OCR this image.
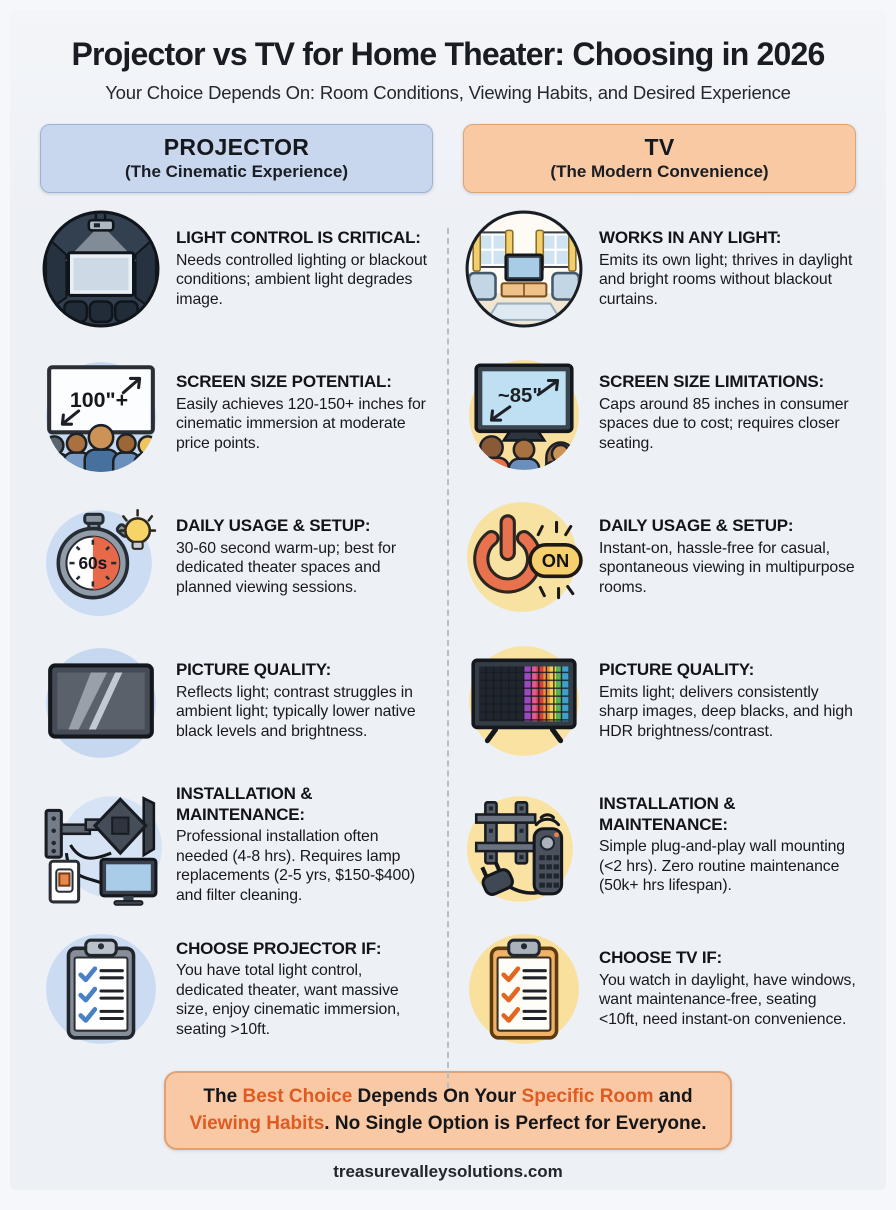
Projector vs TV for Home Theater: Choosing in 2026
Your Choice Depends On: Room Conditions, Viewing Habits, and Desired Experience
PROJECTOR
(The Cinematic Experience)
TV
(The Modern Convenience)
LIGHT CONTROL IS CRITICAL:
Needs controlled lighting or blackout conditions; ambient light degrades image.
WORKS IN ANY LIGHT:
Emits its own light; thrives in daylight and bright rooms without blackout curtains.
100"+
SCREEN SIZE POTENTIAL:
Easily achieves 120-150+ inches for cinematic immersion at moderate price points.
~85"
SCREEN SIZE LIMITATIONS:
Caps around 85 inches in consumer spaces due to cost; requires closer seating.
60s
DAILY USAGE & SETUP:
30-60 second warm-up; best for dedicated theater spaces and planned viewing sessions.
ON
DAILY USAGE & SETUP:
Instant-on, hassle-free for casual, spontaneous viewing in multipurpose rooms.
PICTURE QUALITY:
Reflects light; contrast struggles in ambient light; typically lower native black levels and brightness.
PICTURE QUALITY:
Emits light; delivers consistently sharp images, deep blacks, and high HDR brightness/contrast.
INSTALLATION & MAINTENANCE:
Professional installation often needed (4-8 hrs). Requires lamp replacements (2-5 yrs, $150-$400) and filter cleaning.
INSTALLATION & MAINTENANCE:
Simple plug-and-play wall mounting (<2 hrs). Zero routine maintenance (50k+ hrs lifespan).
CHOOSE PROJECTOR IF:
You have total light control, dedicated theater, want massive size, enjoy cinematic immersion, seating >10ft.
CHOOSE TV IF:
You watch in daylight, have windows, want maintenance-free, seating <10ft, need instant-on convenience.
The Best Choice Depends On Your Specific Room and Viewing Habits. No Single Option is Perfect for Everyone.
treasurevalleysolutions.com
